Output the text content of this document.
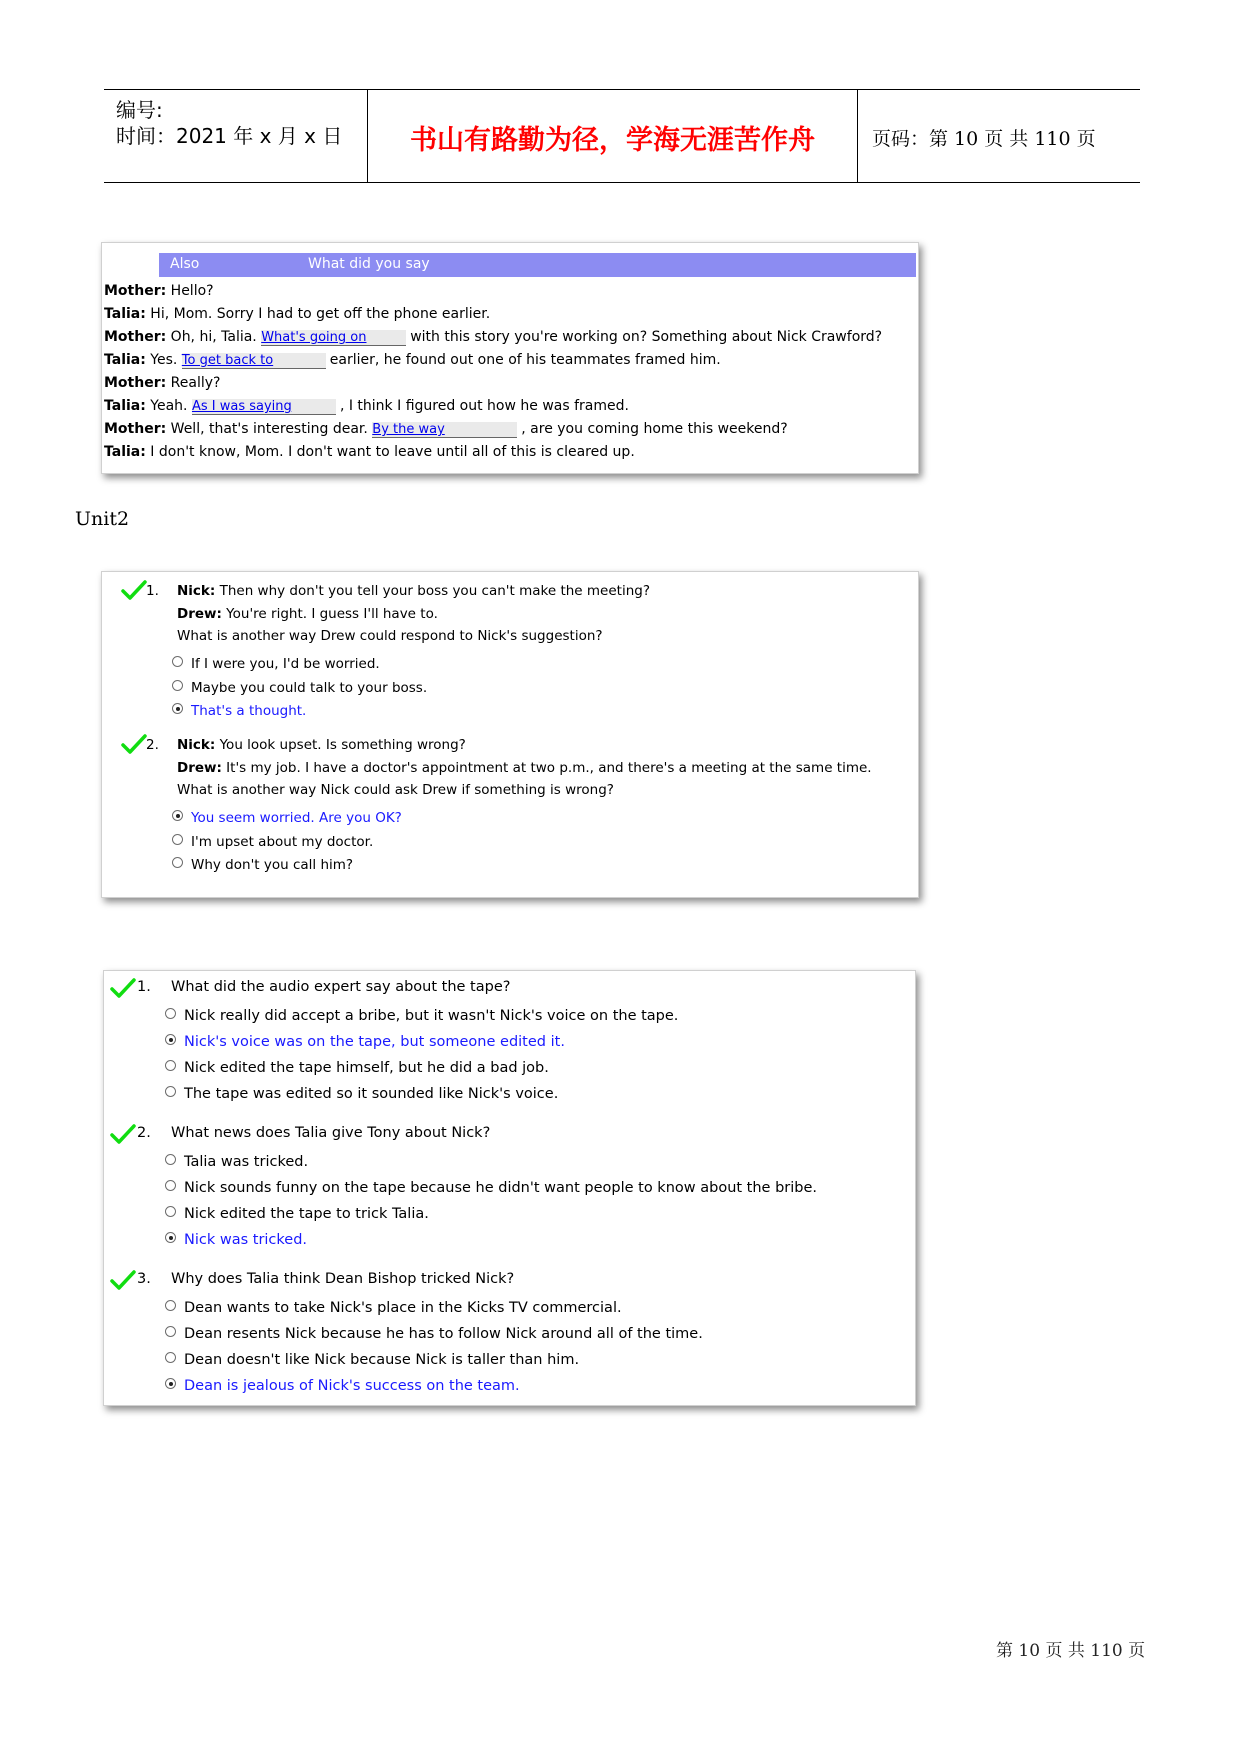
编号:
时间：2021 年 x 月 x 日	书山有路勤为径，学海无涯苦作舟	页码：第 10 页 共 110 页
Also	What did you say
Mother: Hello?
Talia: Hi, Mom. Sorry I had to get off the phone earlier.
Mother: Oh, hi, Talia. What's going on	with this story you're working on? Something about Nick Crawford?
Talia: Yes. To get back to	earlier, he found out one of his teammates framed him.
Mother: Really?
Talia: Yeah. As I was saying	, I think I figured out how he was framed.
Mother: Well, that's interesting dear. By the way	, are you coming home this weekend?
Talia: I don't know, Mom. I don't want to leave until all of this is cleared up.
Unit2
1. Nick: Then why don't you tell your boss you can't make the meeting?
Drew: You're right. I guess I'll have to.
What is another way Drew could respond to Nick's suggestion?
If I were you, I'd be worried.
Maybe you could talk to your boss.
That's a thought.
2. Nick: You look upset. Is something wrong?
Drew: It's my job. I have a doctor's appointment at two p.m., and there's a meeting at the same time.
What is another way Nick could ask Drew if something is wrong?
You seem worried. Are you OK?
I'm upset about my doctor.
Why don't you call him?
1. What did the audio expert say about the tape?
Nick really did accept a bribe, but it wasn't Nick's voice on the tape.
Nick's voice was on the tape, but someone edited it.
Nick edited the tape himself, but he did a bad job.
The tape was edited so it sounded like Nick's voice.
2. What news does Talia give Tony about Nick?
Talia was tricked.
Nick sounds funny on the tape because he didn't want people to know about the bribe.
Nick edited the tape to trick Talia.
Nick was tricked.
3. Why does Talia think Dean Bishop tricked Nick?
Dean wants to take Nick's place in the Kicks TV commercial.
Dean resents Nick because he has to follow Nick around all of the time.
Dean doesn't like Nick because Nick is taller than him.
Dean is jealous of Nick's success on the team.
第 10 页 共 110 页
